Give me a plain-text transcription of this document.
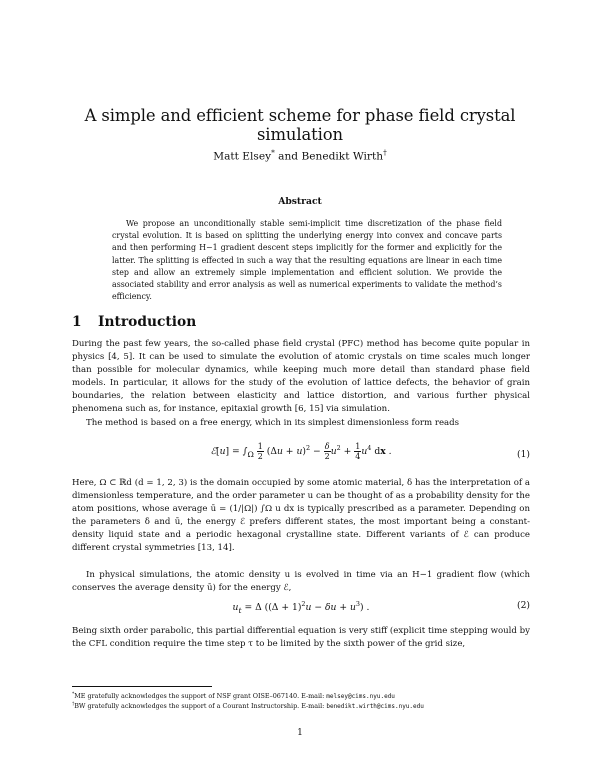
A simple and efficient scheme for phase field crystal simulation
Matt Elsey* and Benedikt Wirth†
Abstract

We propose an unconditionally stable semi-implicit time discretization of the phase field crystal evolution. It is based on splitting the underlying energy into convex and concave parts and then performing H−1 gradient descent steps implicitly for the former and explicitly for the latter. The splitting is effected in such a way that the resulting equations are linear in each time step and allow an extremely simple implementation and efficient solution. We provide the associated stability and error analysis as well as numerical experiments to validate the method’s efficiency.

1 Introduction

During the past few years, the so-called phase field crystal (PFC) method has become quite popular in physics [4, 5]. It can be used to simulate the evolution of atomic crystals on time scales much longer than possible for molecular dynamics, while keeping much more detail than standard phase field models. In particular, it allows for the study of the evolution of lattice defects, the behavior of grain boundaries, the relation between elasticity and lattice distortion, and various further physical phenomena such as, for instance, epitaxial growth [6, 15] via simulation.

The method is based on a free energy, which in its simplest dimensionless form reads

ℰ[u] = $\int_\Omega \frac{1}{2} (\Delta u + u)^2 - \frac{\delta}{2} u^2 + \frac{1}{4} u^4$ dx .	(1)

Here, Ω ⊂ ℝd (d = 1, 2, 3) is the domain occupied by some atomic material, δ has the interpretation of a dimensionless temperature, and the order parameter u can be thought of as a probability density for the atom positions, whose average ū = (1/|Ω|) ∫Ω u dx is typically prescribed as a parameter. Depending on the parameters δ and ū, the energy ℰ prefers different states, the most important being a constant-density liquid state and a periodic hexagonal crystalline state. Different variants of ℰ can produce different crystal symmetries [13, 14].

In physical simulations, the atomic density u is evolved in time via an H−1 gradient flow (which conserves the average density ū) for the energy ℰ,

$u_t = \Delta$ $((\Delta + 1)^2u - \delta u + u^3)$ .	(2)

Being sixth order parabolic, this partial differential equation is very stiff (explicit time stepping would by the CFL condition require the time step τ to be limited by the sixth power of the grid size,

*ME gratefully acknowledges the support of NSF grant OISE–067140. E-mail: melsey@cims.nyu.edu
†BW gratefully acknowledges the support of a Courant Instructorship. E-mail: benedikt.wirth@cims.nyu.edu
1
